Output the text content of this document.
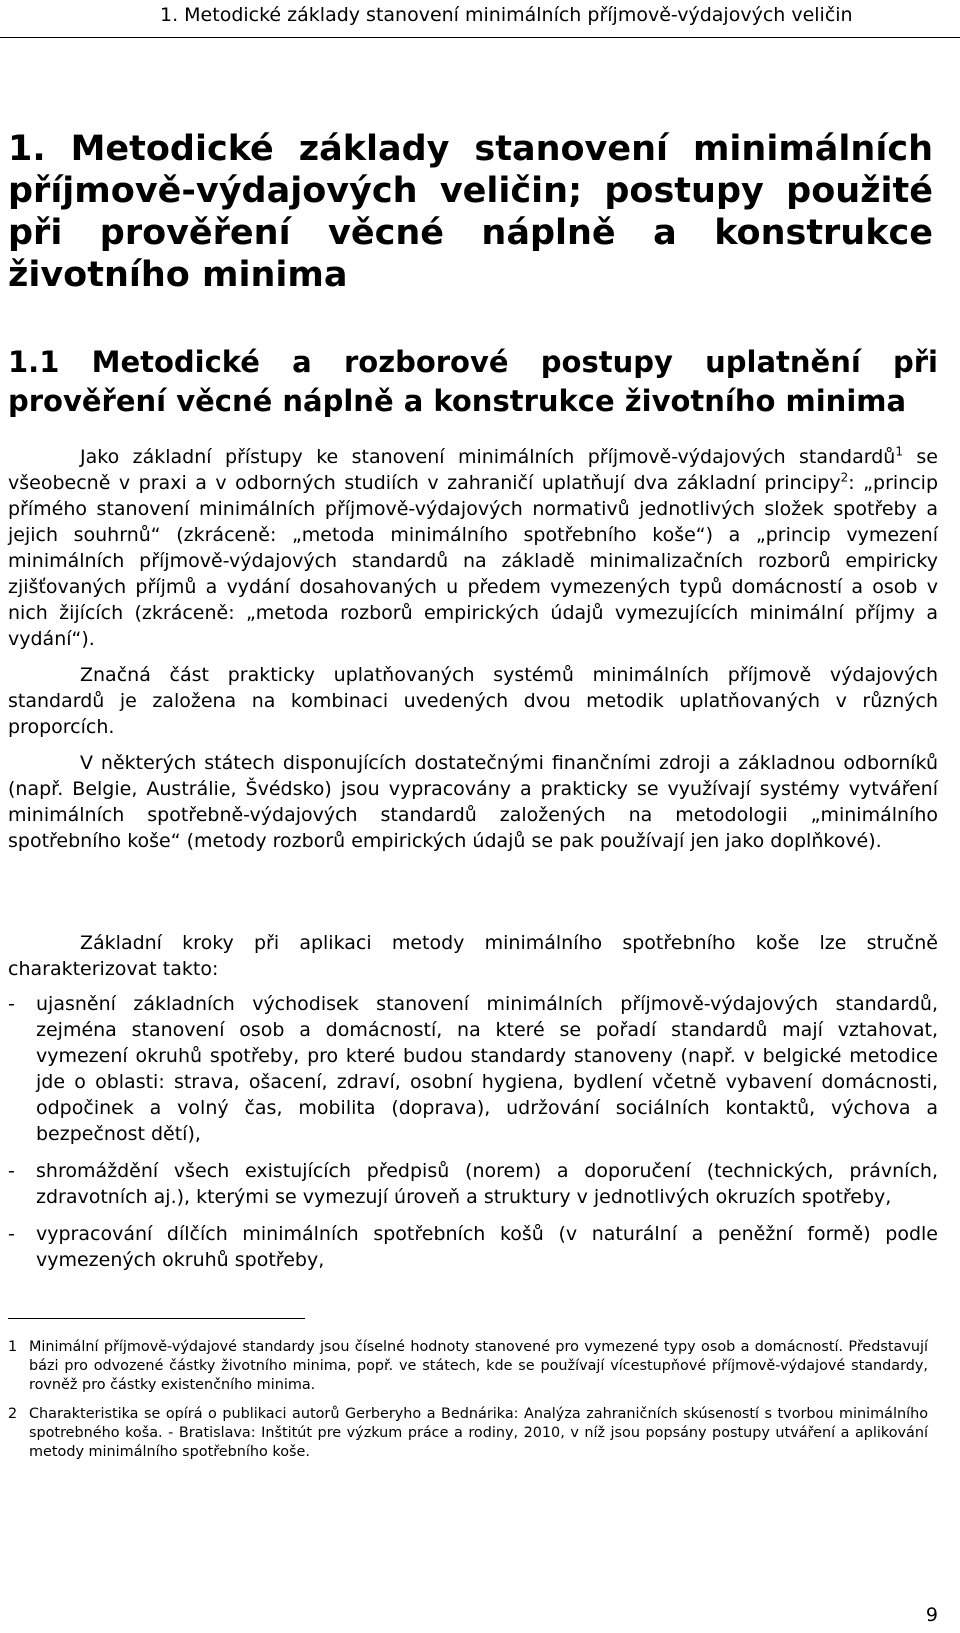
1. Metodické základy stanovení minimálních příjmově-výdajových veličin
1. Metodické základy stanovení minimálních příjmově-výdajových veličin; postupy použité při prověření věcné náplně a konstrukce životního minima
1.1 Metodické a rozborové postupy uplatnění při prověření věcné náplně a konstrukce životního minima

Jako základní přístupy ke stanovení minimálních příjmově-výdajových standardů$^1$ se všeobecně v praxi a v odborných studiích v zahraničí uplatňují dva základní principy$^2$: „princip přímého stanovení minimálních příjmově-výdajových normativů jednotlivých složek spotřeby a jejich souhrnů“ (zkráceně: „metoda minimálního spotřebního koše“) a „princip vymezení minimálních příjmově-výdajových standardů na základě minimalizačních rozborů empiricky zjišťovaných příjmů a vydání dosahovaných u předem vymezených typů domácností a osob v nich žijících (zkráceně: „metoda rozborů empirických údajů vymezujících minimální příjmy a vydání“).

Značná část prakticky uplatňovaných systémů minimálních příjmově výdajových standardů je založena na kombinaci uvedených dvou metodik uplatňovaných v různých proporcích.

V některých státech disponujících dostatečnými finančními zdroji a základnou odborníků (např. Belgie, Austrálie, Švédsko) jsou vypracovány a prakticky se využívají systémy vytváření minimálních spotřebně-výdajových standardů založených na metodologii „minimálního spotřebního koše“ (metody rozborů empirických údajů se pak používají jen jako doplňkové).

Základní kroky při aplikaci metody minimálního spotřebního koše lze stručně charakterizovat takto:

- ujasnění základních východisek stanovení minimálních příjmově-výdajových standardů, zejména stanovení osob a domácností, na které se pořadí standardů mají vztahovat, vymezení okruhů spotřeby, pro které budou standardy stanoveny (např. v belgické metodice jde o oblasti: strava, ošacení, zdraví, osobní hygiena, bydlení včetně vybavení domácnosti, odpočinek a volný čas, mobilita (doprava), udržování sociálních kontaktů, výchova a bezpečnost dětí),
- shromáždění všech existujících předpisů (norem) a doporučení (technických, právních, zdravotních aj.), kterými se vymezují úroveň a struktury v jednotlivých okruzích spotřeby,
- vypracování dílčích minimálních spotřebních košů (v naturální a peněžní formě) podle vymezených okruhů spotřeby,
1 Minimální příjmově-výdajové standardy jsou číselné hodnoty stanovené pro vymezené typy osob a domácností. Představují bázi pro odvozené částky životního minima, popř. ve státech, kde se používají vícestupňové příjmově-výdajové standardy, rovněž pro částky existenčního minima.
2 Charakteristika se opírá o publikaci autorů Gerberyho a Bednárika: Analýza zahraničních skúseností s tvorbou minimálního spotrebného koša. - Bratislava: Inštitút pre výzkum práce a rodiny, 2010, v níž jsou popsány postupy utváření a aplikování metody minimálního spotřebního koše.
9
